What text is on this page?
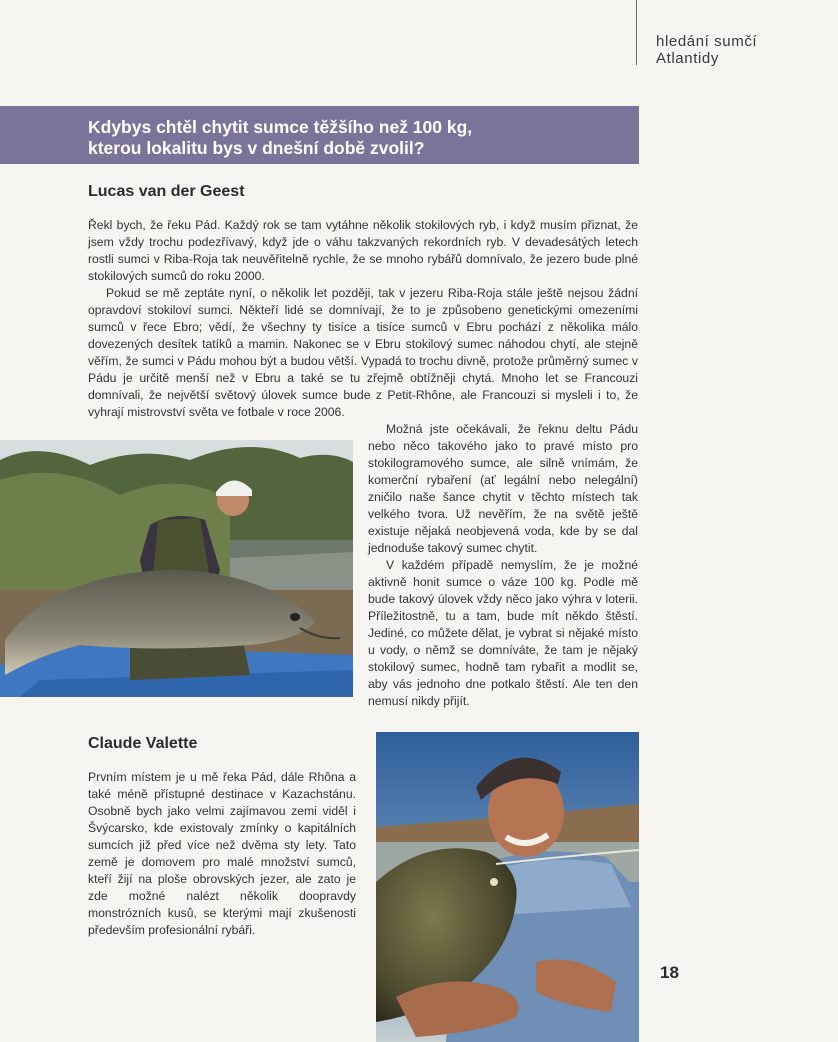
hledání sumčí
Atlantidy
Kdybys chtěl chytit sumce těžšího než 100 kg,
kterou lokalitu bys v dnešní době zvolil?
Lucas van der Geest

Řekl bych, že řeku Pád. Každý rok se tam vytáhne několik stokilových ryb, i když musím přiznat, že jsem vždy trochu podezřívavý, když jde o váhu takzvaných rekordních ryb. V devadesátých letech rostli sumci v Riba-Roja tak neuvěřitelně rychle, že se mnoho rybářů domnívalo, že jezero bude plné stokilových sumců do roku 2000.

Pokud se mě zeptáte nyní, o několik let později, tak v jezeru Riba-Roja stále ještě nejsou žádní opravdoví stokiloví sumci. Někteří lidé se domnívají, že to je způsobeno genetickými omezeními sumců v řece Ebro; vědí, že všechny ty tisíce a tisíce sumců v Ebru pochází z několika málo dovezených desítek tatíků a mamin. Nakonec se v Ebru stokilový sumec náhodou chytí, ale stejně věřím, že sumci v Pádu mohou být a budou větší. Vypadá to trochu divně, protože průměrný sumec v Pádu je určitě menší než v Ebru a také se tu zřejmě obtížněji chytá. Mnoho let se Francouzi domnívali, že největší světový úlovek sumce bude z Petit-Rhône, ale Francouzi si mysleli i to, že vyhrají mistrovství světa ve fotbale v roce 2006.

Možná jste očekávali, že řeknu deltu Pádu nebo něco takového jako to pravé místo pro stokilogramového sumce, ale silně vnímám, že komerční rybaření (ať legální nebo nelegální) zničilo naše šance chytit v těchto místech tak velkého tvora. Už nevěřím, že na světě ještě existuje nějaká neobjevená voda, kde by se dal jednoduše takový sumec chytit.

V každém případě nemyslím, že je možné aktivně honit sumce o váze 100 kg. Podle mě bude takový úlovek vždy něco jako výhra v loterii. Příležitostně, tu a tam, bude mít někdo štěstí. Jediné, co můžete dělat, je vybrat si nějaké místo u vody, o němž se domníváte, že tam je nějaký stokilový sumec, hodně tam rybařit a modlit se, aby vás jednoho dne potkalo štěstí. Ale ten den nemusí nikdy přijít.

Claude Valette

Prvním místem je u mě řeka Pád, dále Rhôna a také méně přístupné destinace v Kazachstánu. Osobně bych jako velmi zajímavou zemi viděl i Švýcarsko, kde existovaly zmínky o kapitálních sumcích již před více než dvěma sty lety. Tato země je domovem pro malé množství sumců, kteří žijí na ploše obrovských jezer, ale zato je zde možné nalézt několik doopravdy monstrózních kusů, se kterými mají zkušenosti především profesionální rybáři.

18
